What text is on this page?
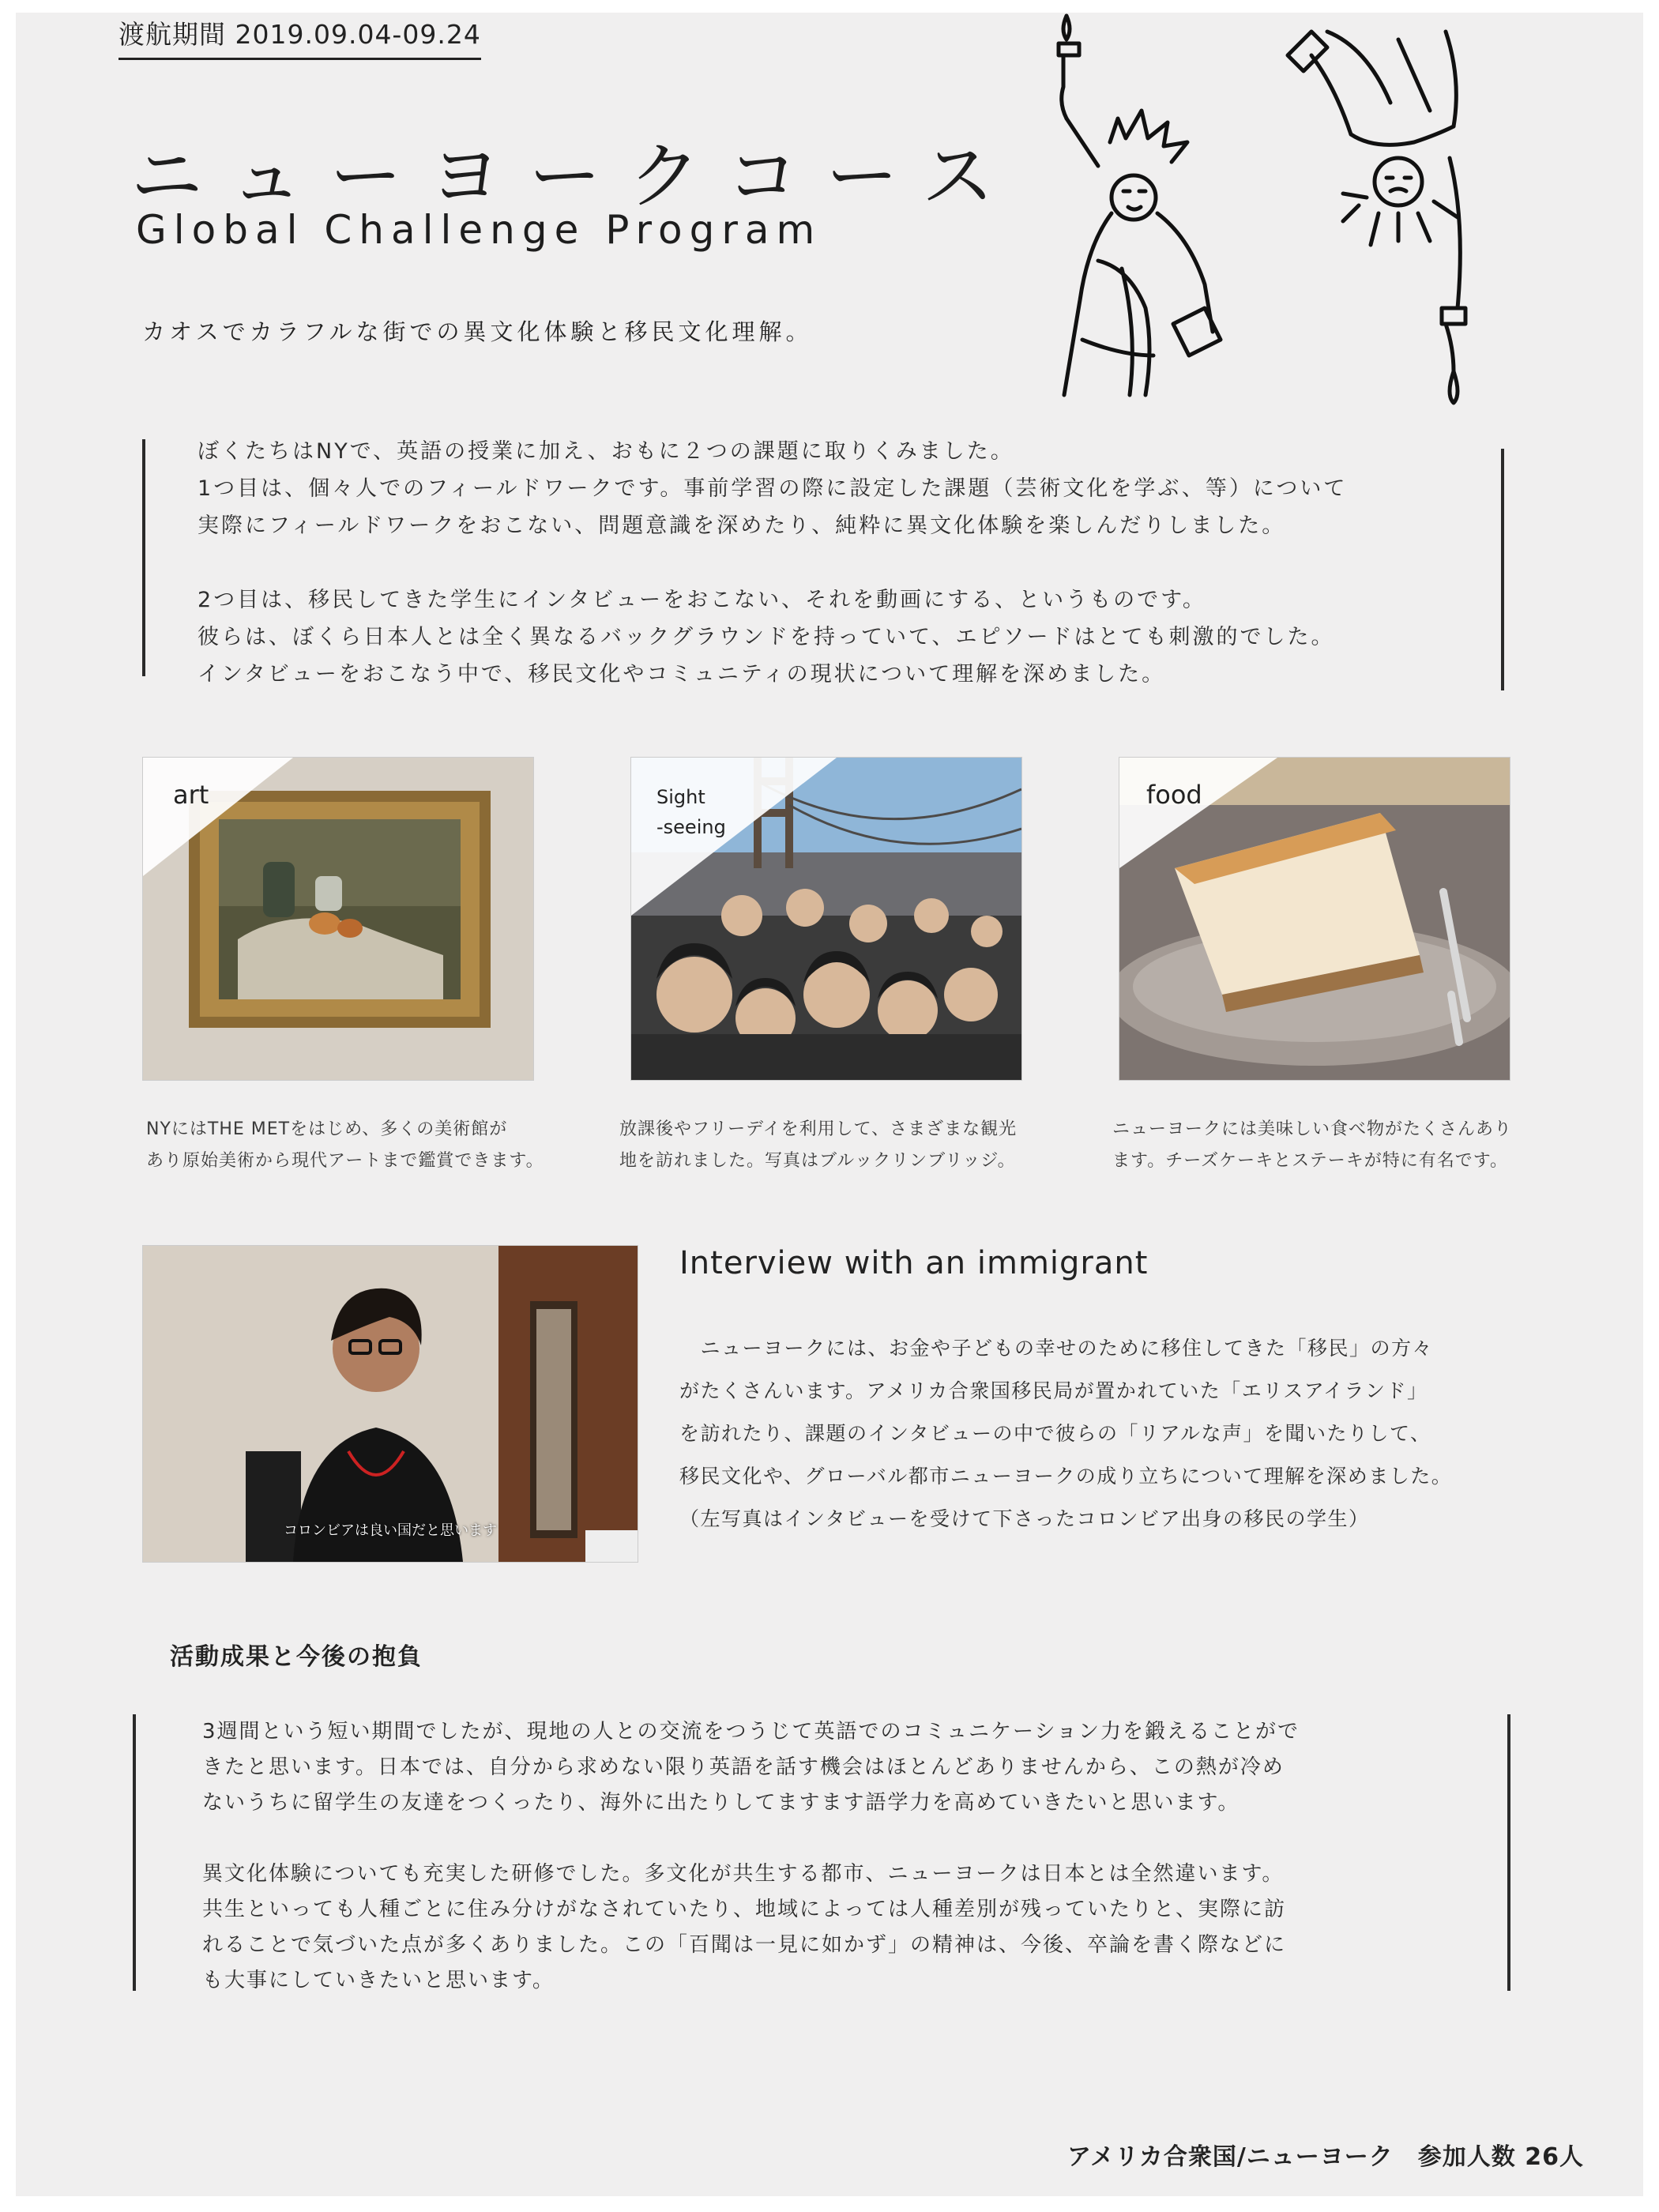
渡航期間 2019.09.04-09.24
ニューヨークコース
Global Challenge Program
カオスでカラフルな街での異文化体験と移民文化理解。

ぼくたちはNYで、英語の授業に加え、おもに２つの課題に取りくみました。

1つ目は、個々人でのフィールドワークです。事前学習の際に設定した課題（芸術文化を学ぶ、等）について

実際にフィールドワークをおこない、問題意識を深めたり、純粋に異文化体験を楽しんだりしました。

2つ目は、移民してきた学生にインタビューをおこない、それを動画にする、というものです。

彼らは、ぼくら日本人とは全く異なるバックグラウンドを持っていて、エピソードはとても刺激的でした。

インタビューをおこなう中で、移民文化やコミュニティの現状について理解を深めました。

art	Sight
-seeing
food
NYにはTHE METをはじめ、多くの美術館が
あり原始美術から現代アートまで鑑賞できます。
放課後やフリーデイを利用して、さまざまな観光
地を訪れました。写真はブルックリンブリッジ。
ニューヨークには美味しい食べ物がたくさんあり
ます。チーズケーキとステーキが特に有名です。
コロンビアは良い国だと思います
Interview with an immigrant
　ニューヨークには、お金や子どもの幸せのために移住してきた「移民」の方々
がたくさんいます。アメリカ合衆国移民局が置かれていた「エリスアイランド」
を訪れたり、課題のインタビューの中で彼らの「リアルな声」を聞いたりして、
移民文化や、グローバル都市ニューヨークの成り立ちについて理解を深めました。
（左写真はインタビューを受けて下さったコロンビア出身の移民の学生）
活動成果と今後の抱負

3週間という短い期間でしたが、現地の人との交流をつうじて英語でのコミュニケーション力を鍛えることがで

きたと思います。日本では、自分から求めない限り英語を話す機会はほとんどありませんから、この熱が冷め

ないうちに留学生の友達をつくったり、海外に出たりしてますます語学力を高めていきたいと思います。

異文化体験についても充実した研修でした。多文化が共生する都市、ニューヨークは日本とは全然違います。

共生といっても人種ごとに住み分けがなされていたり、地域によっては人種差別が残っていたりと、実際に訪

れることで気づいた点が多くありました。この「百聞は一見に如かず」の精神は、今後、卒論を書く際などに

も大事にしていきたいと思います。

アメリカ合衆国/ニューヨーク　参加人数 26人
